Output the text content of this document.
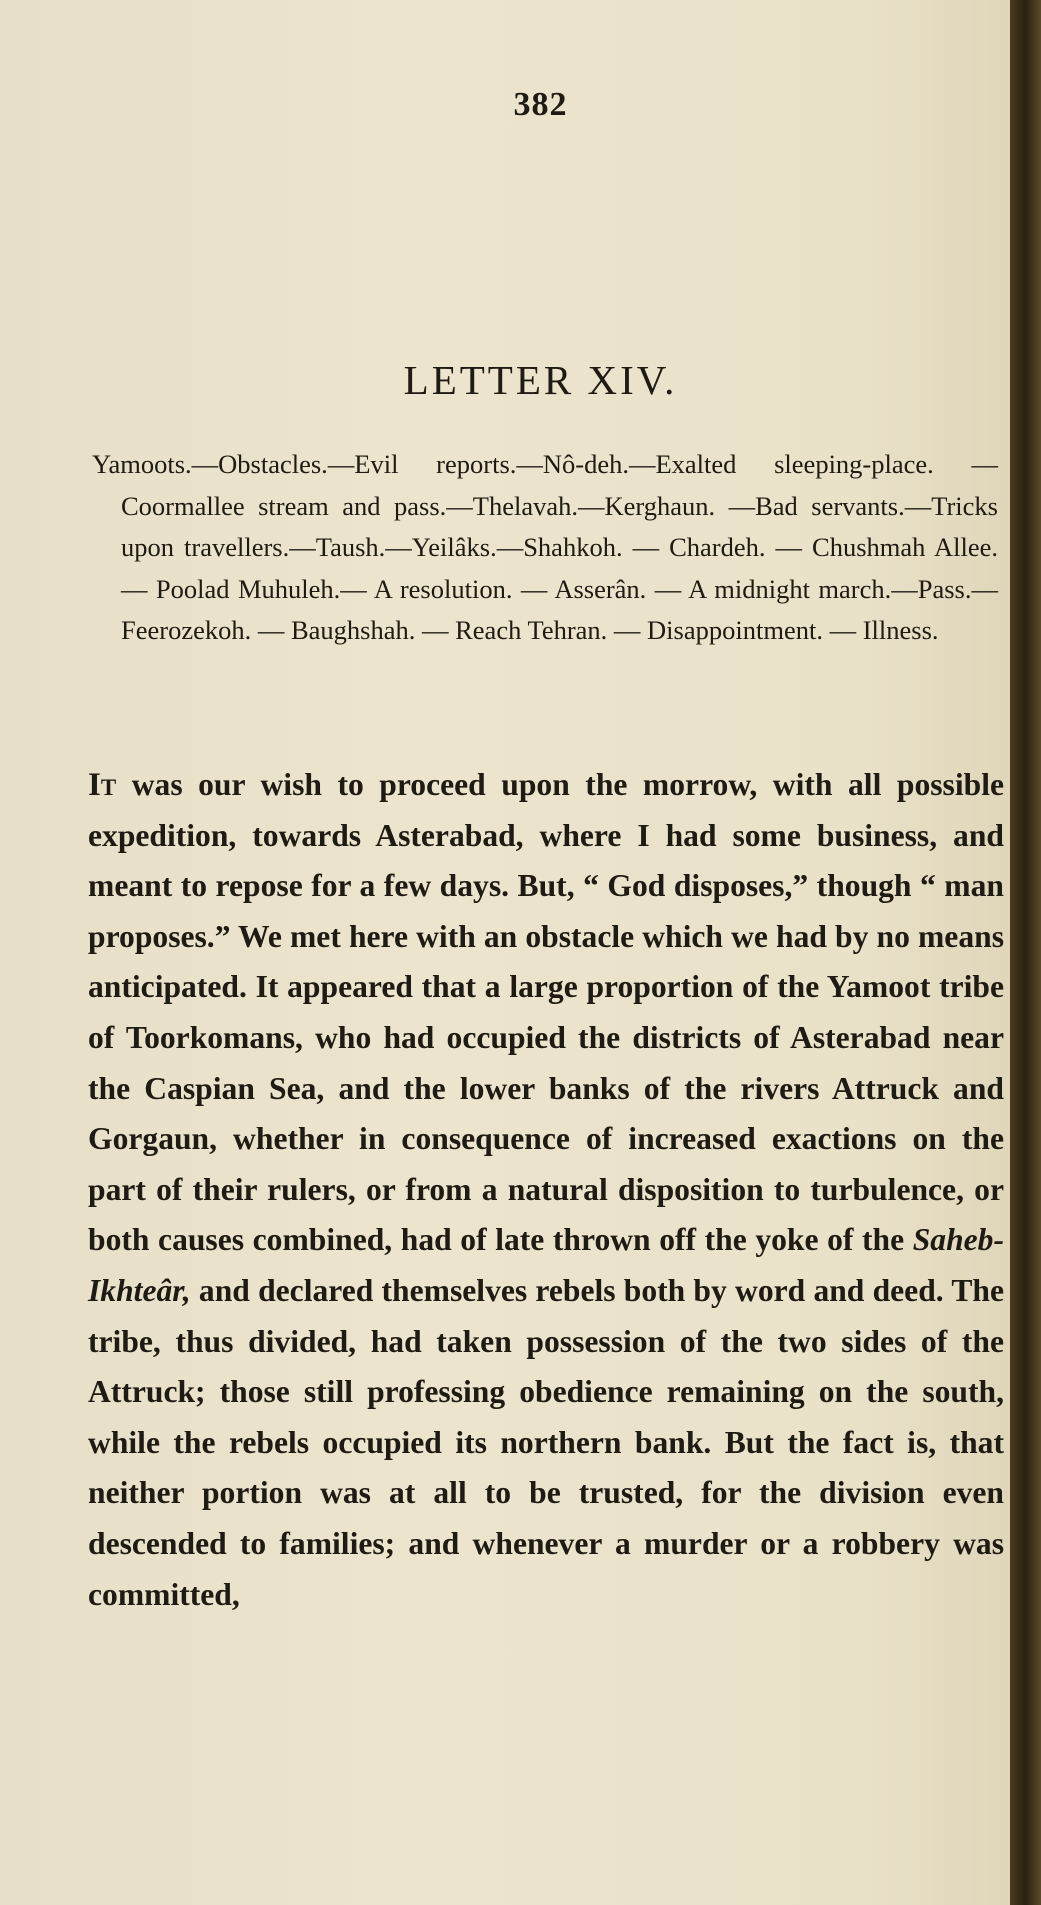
382
LETTER XIV.
Yamoots.—Obstacles.—Evil reports.—Nô-deh.—Exalted sleeping-place. — Coormallee stream and pass.—Thelavah.—Kerghaun. —Bad servants.—Tricks upon travellers.—Taush.—Yeilâks.—Shahkoh. — Chardeh. — Chushmah Allee. — Poolad Muhuleh.— A resolution. — Asserân. — A midnight march.—Pass.—Feerozekoh. — Baughshah. — Reach Tehran. — Disappointment. — Illness.
It was our wish to proceed upon the morrow, with all possible expedition, towards Asterabad, where I had some business, and meant to repose for a few days. But, “ God disposes,” though “ man proposes.” We met here with an obstacle which we had by no means anticipated. It appeared that a large proportion of the Yamoot tribe of Toorkomans, who had occupied the districts of Asterabad near the Caspian Sea, and the lower banks of the rivers Attruck and Gorgaun, whether in consequence of increased exactions on the part of their rulers, or from a natural disposition to turbulence, or both causes combined, had of late thrown off the yoke of the Saheb-Ikhteâr, and declared themselves rebels both by word and deed. The tribe, thus divided, had taken possession of the two sides of the Attruck; those still professing obedience remaining on the south, while the rebels occupied its northern bank. But the fact is, that neither portion was at all to be trusted, for the division even descended to families; and whenever a murder or a robbery was committed,
